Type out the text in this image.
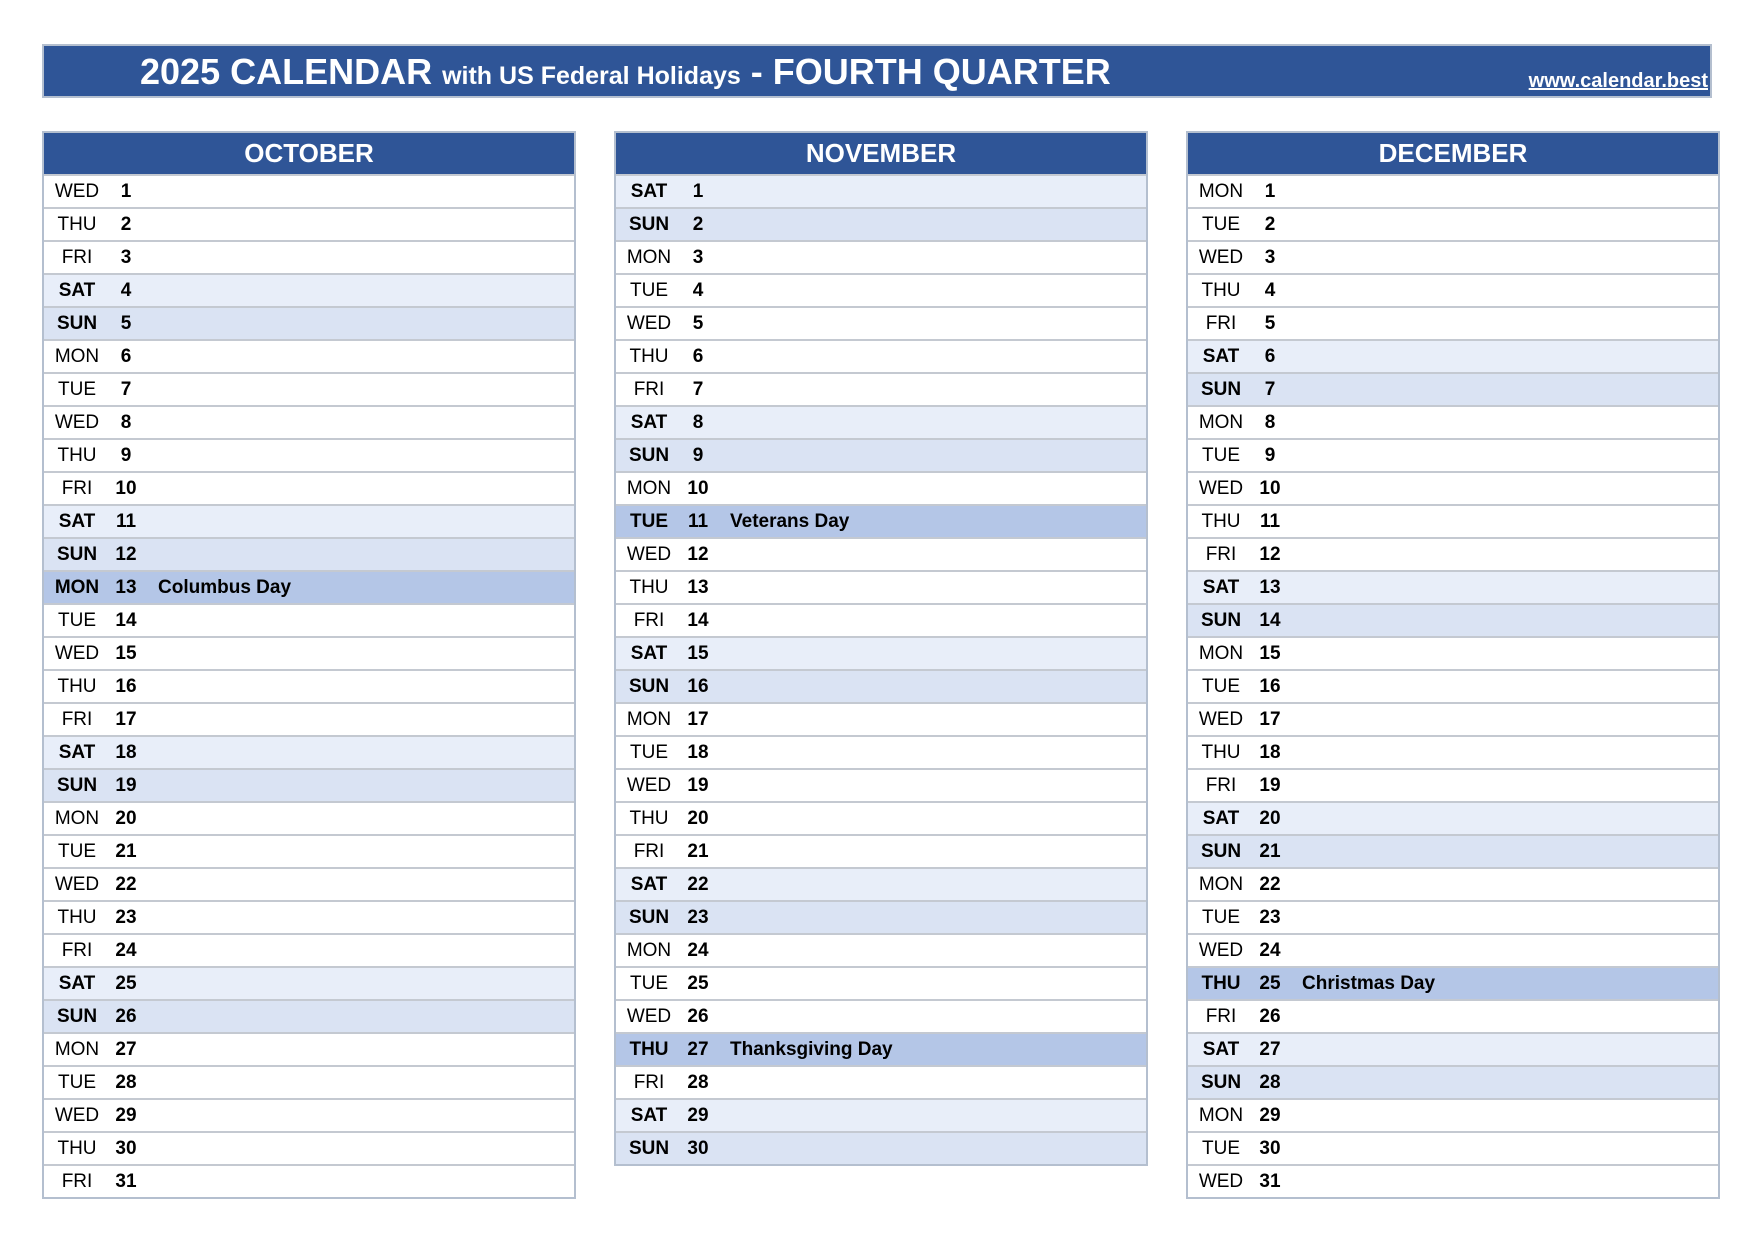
2025 CALENDAR with US Federal Holidays - FOURTH QUARTER	www.calendar.best
OCTOBER
WED	1
THU	2
FRI	3
SAT	4
SUN	5
MON	6
TUE	7
WED	8
THU	9
FRI	10
SAT	11
SUN 12
MON 13	Columbus Day
TUE	14
WED 15
THU 16
FRI	17
SAT	18
SUN 19
MON 20
TUE	21
WED 22
THU 23
FRI	24
SAT	25
SUN 26
MON 27
TUE	28
WED 29
THU 30
FRI	31
NOVEMBER
SAT	1
SUN	2
MON	3
TUE	4
WED	5
THU	6
FRI	7
SAT	8
SUN	9
MON 10
TUE	11	Veterans Day
WED 12
THU 13
FRI	14
SAT	15
SUN 16
MON 17
TUE	18
WED 19
THU 20
FRI	21
SAT	22
SUN 23
MON 24
TUE	25
WED 26
THU 27	Thanksgiving Day
FRI	28
SAT	29
SUN 30
DECEMBER
MON	1
TUE	2
WED	3
THU	4
FRI	5
SAT	6
SUN	7
MON	8
TUE	9
WED 10
THU	11
FRI	12
SAT	13
SUN 14
MON 15
TUE	16
WED 17
THU 18
FRI	19
SAT	20
SUN 21
MON 22
TUE	23
WED 24
THU 25	Christmas Day
FRI	26
SAT	27
SUN 28
MON 29
TUE	30
WED 31
